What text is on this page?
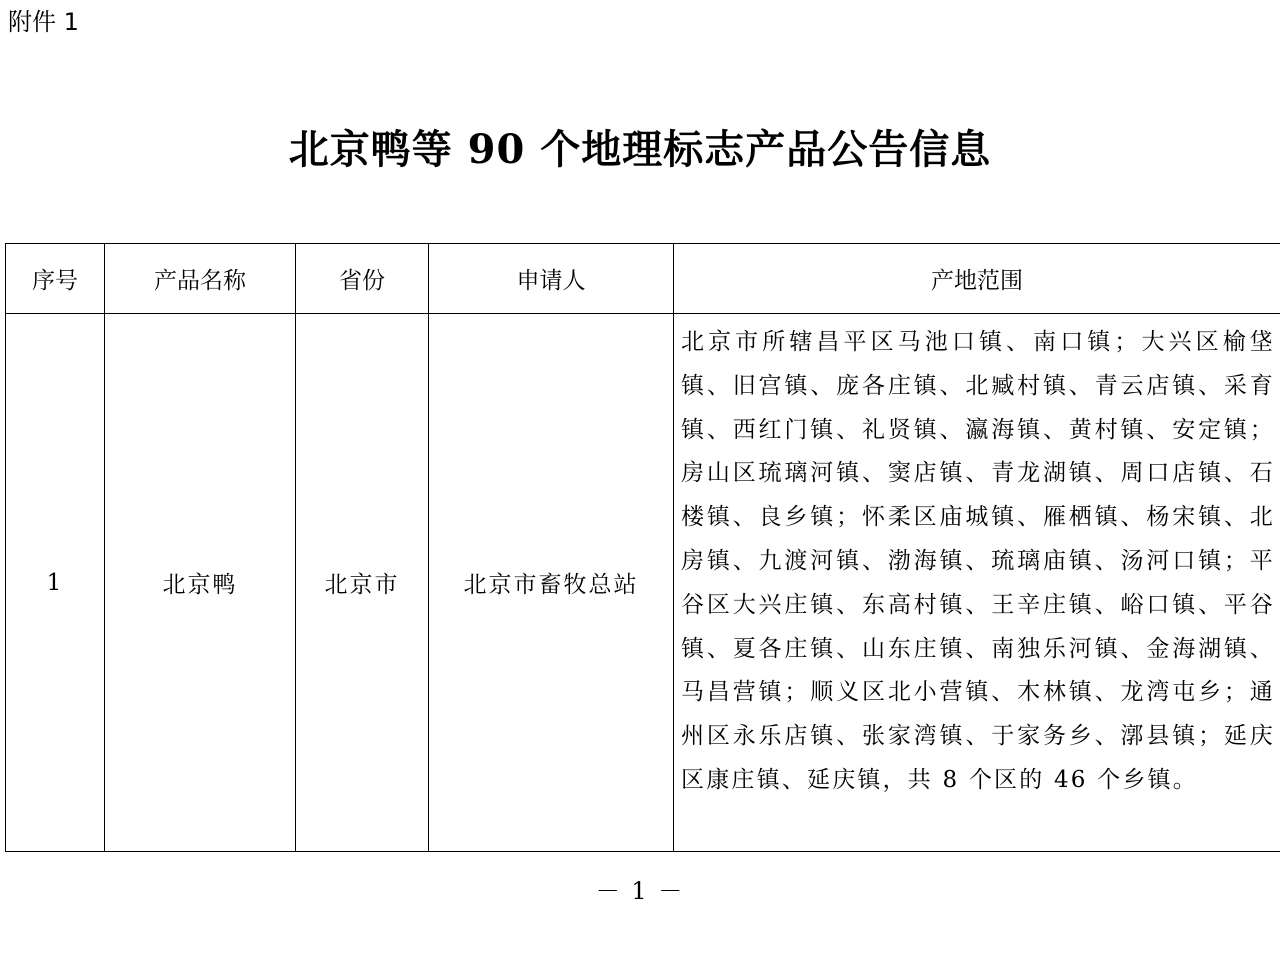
附件 1
北京鸭等 90 个地理标志产品公告信息
序号	产品名称	省份	申请人	产地范围
1	北京鸭	北京市	北京市畜牧总站	北京市所辖昌平区马池口镇、南口镇；大兴区榆垡镇、旧宫镇、庞各庄镇、北臧村镇、青云店镇、采育镇、西红门镇、礼贤镇、瀛海镇、黄村镇、安定镇；房山区琉璃河镇、窦店镇、青龙湖镇、周口店镇、石楼镇、良乡镇；怀柔区庙城镇、雁栖镇、杨宋镇、北房镇、九渡河镇、渤海镇、琉璃庙镇、汤河口镇；平谷区大兴庄镇、东高村镇、王辛庄镇、峪口镇、平谷镇、夏各庄镇、山东庄镇、南独乐河镇、金海湖镇、马昌营镇；顺义区北小营镇、木林镇、龙湾屯乡；通州区永乐店镇、张家湾镇、于家务乡、漷县镇；延庆区康庄镇、延庆镇，共 8 个区的 46 个乡镇。
－ 1 －
